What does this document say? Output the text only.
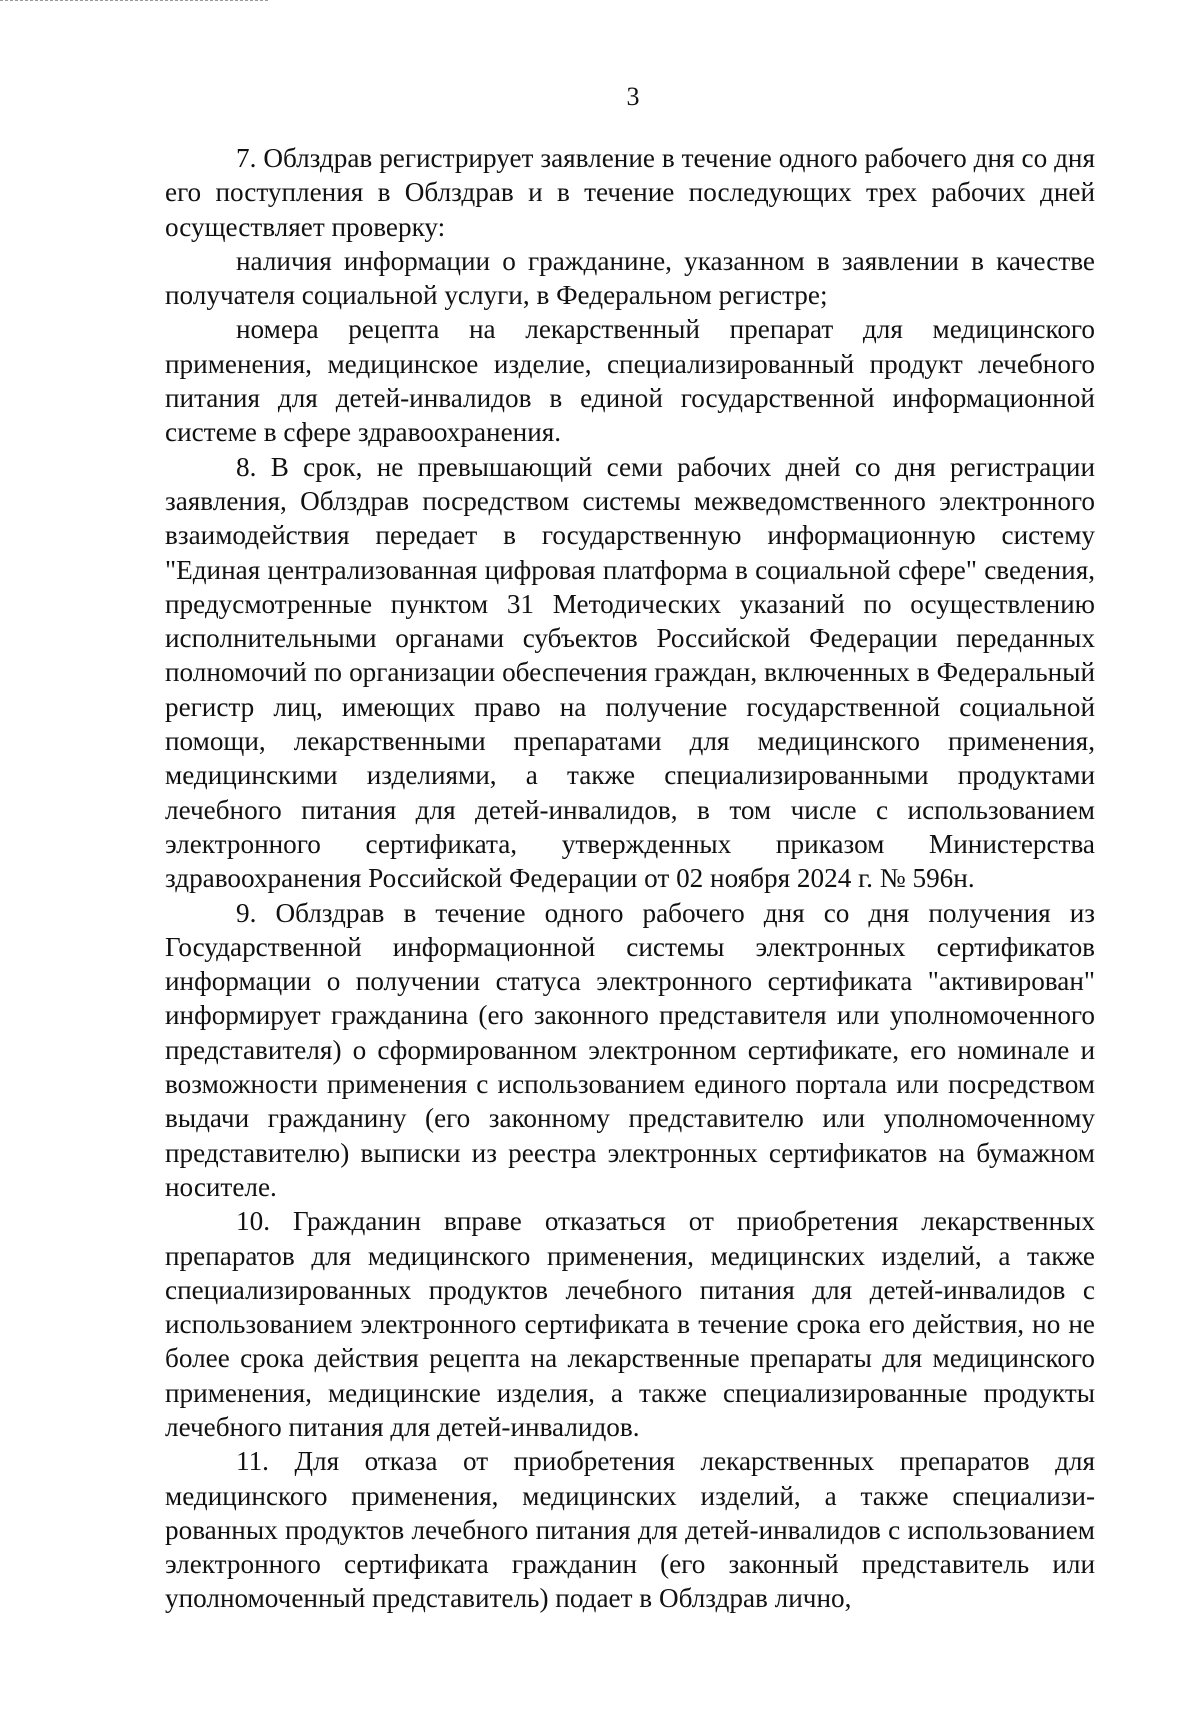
3

7. Облздрав регистрирует заявление в течение одного рабочего дня со дня его поступления в Облздрав и в течение последующих трех рабочих дней осуществляет проверку:

наличия информации о гражданине, указанном в заявлении в качестве получателя социальной услуги, в Федеральном регистре;

номера рецепта на лекарственный препарат для медицинского применения, медицинское изделие, специализированный продукт лечебного питания для детей-инвалидов в единой государственной информационной системе в сфере здравоохранения.

8. В срок, не превышающий семи рабочих дней со дня регистрации заявления, Облздрав посредством системы межведомственного электронного взаимодействия передает в государственную информационную систему "Единая централизованная цифровая платформа в социальной сфере" сведения, предусмотренные пунктом 31 Методических указаний по осуществлению исполнительными органами субъектов Российской Федерации переданных полномочий по организации обеспечения граждан, включенных в Федеральный регистр лиц, имеющих право на получение государственной социальной помощи, лекарственными препаратами для медицинского применения, медицинскими изделиями, а также специализированными продуктами лечебного питания для детей-инвалидов, в том числе с использованием электронного сертификата, утвержденных приказом Министерства здравоохранения Российской Федерации от 02 ноября 2024 г. № 596н.

9. Облздрав в течение одного рабочего дня со дня получения из Государственной информационной системы электронных сертификатов информации о получении статуса электронного сертификата "активирован" информирует гражданина (его законного представителя или уполномоченного представителя) о сформированном электронном сертификате, его номинале и возможности применения с использованием единого портала или посредством выдачи гражданину (его законному представителю или уполномоченному представителю) выписки из реестра электронных сертификатов на бумажном носителе.

10. Гражданин вправе отказаться от приобретения лекарственных препаратов для медицинского применения, медицинских изделий, а также специализированных продуктов лечебного питания для детей-инвалидов с использованием электронного сертификата в течение срока его действия, но не более срока действия рецепта на лекарственные препараты для медицинского применения, медицинские изделия, а также специализированные продукты лечебного питания для детей-инвалидов.

11. Для отказа от приобретения лекарственных препаратов для медицинского применения, медицинских изделий, а также специализированных продуктов лечебного питания для детей-инвалидов с использованием электронного сертификата гражданин (его законный представитель или уполномоченный представитель) подает в Облздрав лично,
